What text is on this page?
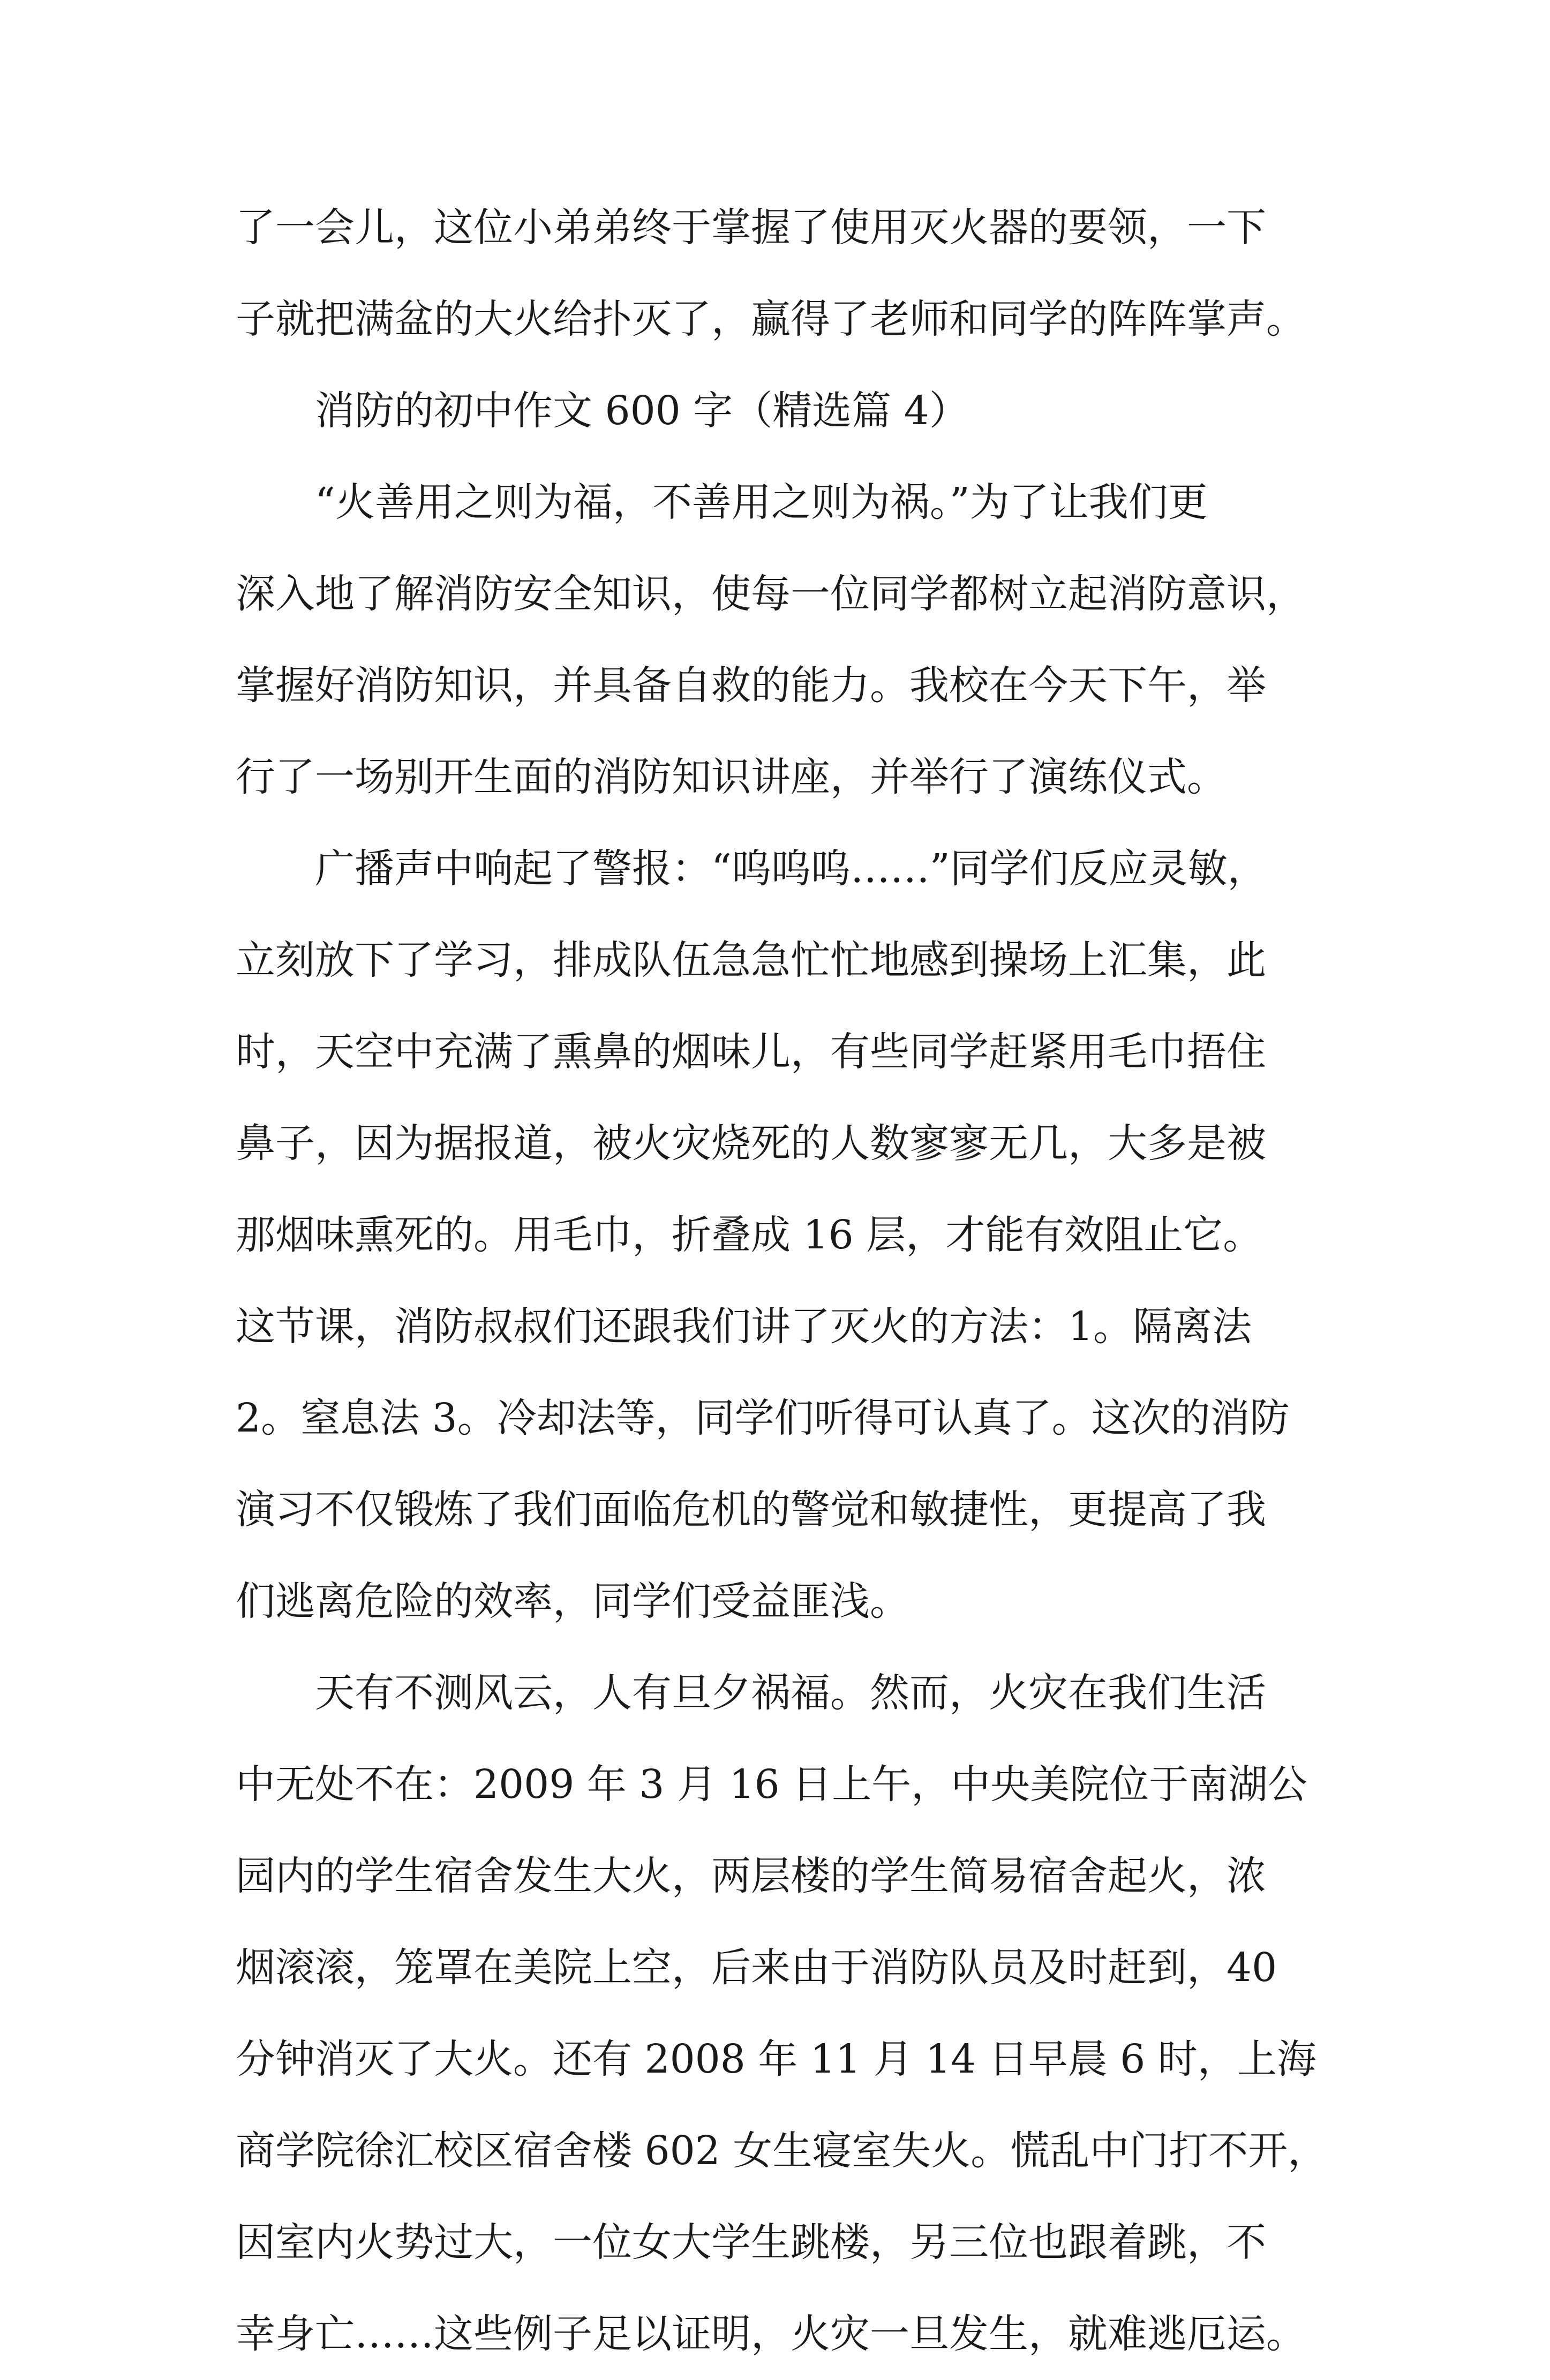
了一会儿，这位小弟弟终于掌握了使用灭火器的要领，一下
子就把满盆的大火给扑灭了，赢得了老师和同学的阵阵掌声。
消防的初中作文 600 字（精选篇 4）
“火善用之则为福，不善用之则为祸。”为了让我们更
深入地了解消防安全知识，使每一位同学都树立起消防意识，
掌握好消防知识，并具备自救的能力。我校在今天下午，举
行了一场别开生面的消防知识讲座，并举行了演练仪式。
广播声中响起了警报：“呜呜呜……”同学们反应灵敏，
立刻放下了学习，排成队伍急急忙忙地感到操场上汇集，此
时，天空中充满了熏鼻的烟味儿，有些同学赶紧用毛巾捂住
鼻子，因为据报道，被火灾烧死的人数寥寥无几，大多是被
那烟味熏死的。用毛巾，折叠成 16 层，才能有效阻止它。
这节课，消防叔叔们还跟我们讲了灭火的方法：1。隔离法
2。窒息法 3。冷却法等，同学们听得可认真了。这次的消防
演习不仅锻炼了我们面临危机的警觉和敏捷性，更提高了我
们逃离危险的效率，同学们受益匪浅。
天有不测风云，人有旦夕祸福。然而，火灾在我们生活
中无处不在：2009 年 3 月 16 日上午，中央美院位于南湖公
园内的学生宿舍发生大火，两层楼的学生简易宿舍起火，浓
烟滚滚，笼罩在美院上空，后来由于消防队员及时赶到，40
分钟消灭了大火。还有 2008 年 11 月 14 日早晨 6 时，上海
商学院徐汇校区宿舍楼 602 女生寝室失火。慌乱中门打不开，
因室内火势过大，一位女大学生跳楼，另三位也跟着跳，不
幸身亡……这些例子足以证明，火灾一旦发生，就难逃厄运。
